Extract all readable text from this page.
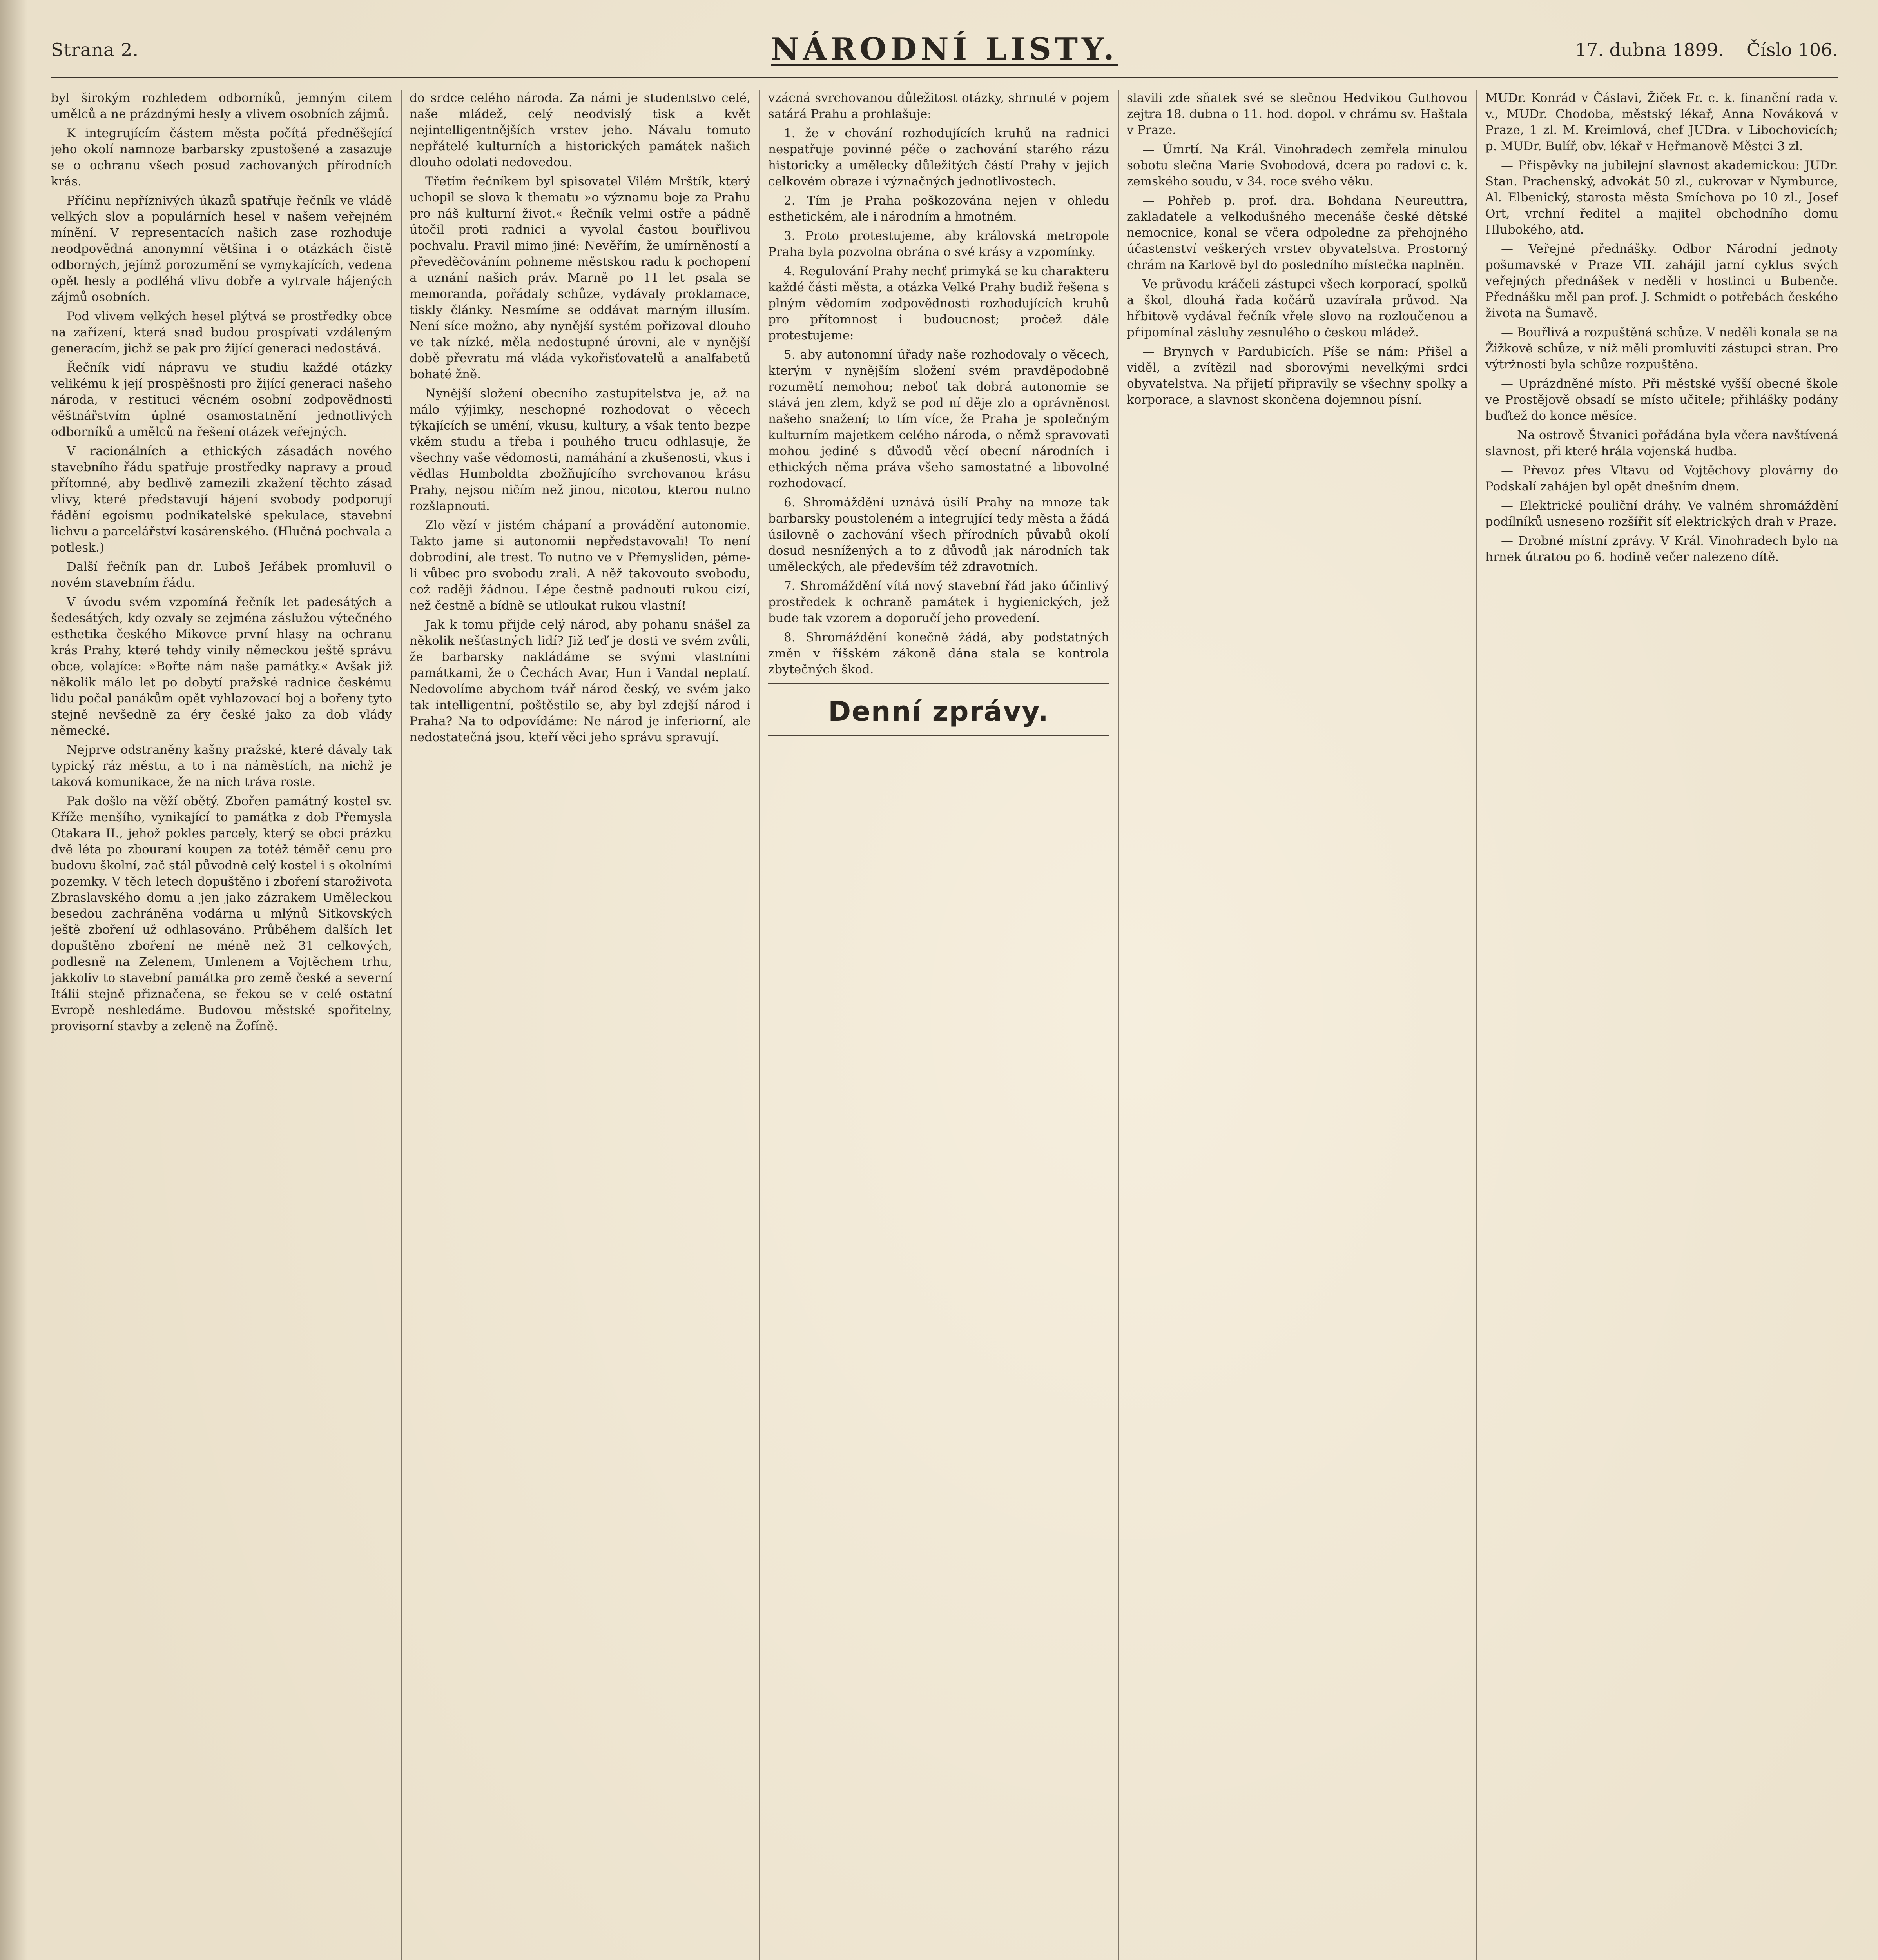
Strana 2.	NÁRODNÍ LISTY.	17. dubna 1899. Číslo 106.

byl širokým rozhledem odborníků, jemným citem umělců a ne prázdnými hesly a vlivem osobních zájmů.

K integrujícím částem města počítá předněšející jeho okolí namnoze barbarsky zpustošené a zasazuje se o ochranu všech posud zachovaných přírodních krás.

Příčinu nepříznivých úkazů spatřuje řečník ve vládě velkých slov a populárních hesel v našem veřejném mínění. V representacích našich zase rozhoduje neodpovědná anonymní většina i o otázkách čistě odborných, jejímž porozumění se vymykajících, vedena opět hesly a podléhá vlivu dobře a vytrvale hájených zájmů osobních.

Pod vlivem velkých hesel plýtvá se prostředky obce na zařízení, která snad budou prospívati vzdáleným generacím, jichž se pak pro žijící generaci nedostává.

Řečník vidí nápravu ve studiu každé otázky velikému k její prospěšnosti pro žijící generaci našeho národa, v restituci věcném osobní zodpovědnosti věštnářstvím úplné osamostatnění jednotlivých odborníků a umělců na řešení otázek veřejných.

V racionálních a ethických zásadách nového stavebního řádu spatřuje prostředky napravy a proud přítomné, aby bedlivě zamezili zkažení těchto zásad vlivy, které představují hájení svobody podporují řádění egoismu podnikatelské spekulace, stavební lichvu a parcelářství kasárenského. (Hlučná pochvala a potlesk.)

Další řečník pan dr. Luboš Jeřábek promluvil o novém stavebním řádu.

V úvodu svém vzpomíná řečník let padesátých a šedesátých, kdy ozvaly se zejména záslužou výtečného esthetika českého Mikovce první hlasy na ochranu krás Prahy, které tehdy vinily německou ještě správu obce, volajíce: »Bořte nám naše památky.« Avšak již několik málo let po dobytí pražské radnice českému lidu počal panákům opět vyhlazovací boj a bořeny tyto stejně nevšedně za éry české jako za dob vlády německé.

Nejprve odstraněny kašny pražské, které dávaly tak typický ráz městu, a to i na náměstích, na nichž je taková komunikace, že na nich tráva roste.

Pak došlo na věží obětý. Zbořen památný kostel sv. Kříže menšího, vynikající to památka z dob Přemysla Otakara II., jehož pokles parcely, který se obci prázku dvě léta po zbouraní koupen za totéž téměř cenu pro budovu školní, zač stál původně celý kostel i s okolními pozemky. V těch letech dopuštěno i zboření staroživota Zbraslavského domu a jen jako zázrakem Uměleckou besedou zachráněna vodárna u mlýnů Sitkovských ještě zboření už odhlasováno. Průběhem dalších let dopuštěno zboření ne méně než 31 celkových, podlesně na Zelenem, Umlenem a Vojtěchem trhu, jakkoliv to stavební památka pro země české a severní Itálii stejně přiznačena, se řekou se v celé ostatní Evropě neshledáme. Budovou městské spořitelny, provisorní stavby a zeleně na Žofíně.

do srdce celého národa. Za námi je studentstvo celé, naše mládež, celý neodvislý tisk a květ nejintelligentnějších vrstev jeho. Návalu tomuto nepřátelé kulturních a historických památek našich dlouho odolati nedovedou.

Třetím řečníkem byl spisovatel Vilém Mrštík, který uchopil se slova k thematu »o významu boje za Prahu pro náš kulturní život.« Řečník velmi ostře a pádně útočil proti radnici a vyvolal častou bouřlivou pochvalu. Pravil mimo jiné: Nevěřím, že umírněností a převeděčováním pohneme městskou radu k pochopení a uznání našich práv. Marně po 11 let psala se memoranda, pořádaly schůze, vydávaly proklamace, tiskly články. Nesmíme se oddávat marným illusím. Není síce možno, aby nynější systém pořizoval dlouho ve tak nízké, měla nedostupné úrovni, ale v nynější době převratu má vláda vykořisťovatelů a analfabetů bohaté žně.

Nynější složení obecního zastupitelstva je, až na málo výjimky, neschopné rozhodovat o věcech týkajících se umění, vkusu, kultury, a však tento bezpe vkěm studu a třeba i pouhého trucu odhlasuje, že všechny vaše vědomosti, namáhání a zkušenosti, vkus i vědlas Humboldta zbožňujícího svrchovanou krásu Prahy, nejsou ničím než jinou, nicotou, kterou nutno rozšlapnouti.

Zlo vězí v jistém chápaní a provádění autonomie. Takto jame si autonomii nepředstavovali! To není dobrodiní, ale trest. To nutno ve v Přemysliden, péme-li vůbec pro svobodu zrali. A něž takovouto svobodu, což raději žádnou. Lépe čestně padnouti rukou cizí, než čestně a bídně se utloukat rukou vlastní!

Jak k tomu přijde celý národ, aby pohanu snášel za několik nešťastných lidí? Již teď je dosti ve svém zvůli, že barbarsky nakládáme se svými vlastními památkami, že o Čechách Avar, Hun i Vandal neplatí. Nedovolíme abychom tvář národ český, ve svém jako tak intelligentní, poštěstilo se, aby byl zdejší národ i Praha? Na to odpovídáme: Ne národ je inferiorní, ale nedostatečná jsou, kteří věci jeho správu spravují.

vzácná svrchovanou důležitost otázky, shrnuté v pojem satárá Prahu a prohlašuje:

1. že v chování rozhodujících kruhů na radnici nespatřuje povinné péče o zachování starého rázu historicky a umělecky důležitých částí Prahy v jejich celkovém obraze i význačných jednotlivostech.

2. Tím je Praha poškozována nejen v ohledu esthetickém, ale i národním a hmotném.

3. Proto protestujeme, aby královská metropole Praha byla pozvolna obrána o své krásy a vzpomínky.

4. Regulování Prahy nechť primyká se ku charakteru každé části města, a otázka Velké Prahy budiž řešena s plným vědomím zodpovědnosti rozhodujících kruhů pro přítomnost i budoucnost; pročež dále protestujeme:

5. aby autonomní úřady naše rozhodovaly o věcech, kterým v nynějším složení svém pravděpodobně rozumětí nemohou; neboť tak dobrá autonomie se stává jen zlem, když se pod ní děje zlo a oprávněnost našeho snažení; to tím více, že Praha je společným kulturním majetkem celého národa, o němž spravovati mohou jediné s důvodů věcí obecní národních i ethických něma práva všeho samostatné a libovolné rozhodovací.

6. Shromáždění uznává úsilí Prahy na mnoze tak barbarsky poustoleném a integrující tedy města a žádá úsilovně o zachování všech přírodních půvabů okolí dosud nesnížených a to z důvodů jak národních tak uměleckých, ale především též zdravotních.

7. Shromáždění vítá nový stavební řád jako účinlivý prostředek k ochraně památek i hygienických, jež bude tak vzorem a doporučí jeho provedení.

8. Shromáždění konečně žádá, aby podstatných změn v říšském zákoně dána stala se kontrola zbytečných škod.

Denní zprávy.

slavili zde sňatek své se slečnou Hedvikou Guthovou zejtra 18. dubna o 11. hod. dopol. v chrámu sv. Haštala v Praze.

— Úmrtí. Na Král. Vinohradech zemřela minulou sobotu slečna Marie Svobodová, dcera po radovi c. k. zemského soudu, v 34. roce svého věku.

— Pohřeb p. prof. dra. Bohdana Neureuttra, zakladatele a velkodušného mecenáše české dětské nemocnice, konal se včera odpoledne za přehojného účastenství veškerých vrstev obyvatelstva. Prostorný chrám na Karlově byl do posledního místečka naplněn.

Ve průvodu kráčeli zástupci všech korporací, spolků a škol, dlouhá řada kočárů uzavírala průvod. Na hřbitově vydával řečník vřele slovo na rozloučenou a připomínal zásluhy zesnulého o českou mládež.

— Brynych v Pardubicích. Píše se nám: Přišel a viděl, a zvítězil nad sborovými nevelkými srdci obyvatelstva. Na přijetí připravily se všechny spolky a korporace, a slavnost skončena dojemnou písní.

MUDr. Konrád v Čáslavi, Žiček Fr. c. k. finanční rada v. v., MUDr. Chodoba, městský lékař, Anna Nováková v Praze, 1 zl. M. Kreimlová, chef JUDra. v Libochovicích; p. MUDr. Bulíř, obv. lékař v Heřmanově Městci 3 zl.

— Příspěvky na jubilejní slavnost akademickou: JUDr. Stan. Prachenský, advokát 50 zl., cukrovar v Nymburce, Al. Elbenický, starosta města Smíchova po 10 zl., Josef Ort, vrchní ředitel a majitel obchodního domu Hlubokého, atd.

— Veřejné přednášky. Odbor Národní jednoty pošumavské v Praze VII. zahájil jarní cyklus svých veřejných přednášek v neděli v hostinci u Bubenče. Přednášku měl pan prof. J. Schmidt o potřebách českého života na Šumavě.

— Bouřlivá a rozpuštěná schůze. V neděli konala se na Žižkově schůze, v níž měli promluviti zástupci stran. Pro výtržnosti byla schůze rozpuštěna.

— Uprázdněné místo. Při městské vyšší obecné škole ve Prostějově obsadí se místo učitele; přihlášky podány buďtež do konce měsíce.

— Na ostrově Štvanici pořádána byla včera navštívená slavnost, při které hrála vojenská hudba.

— Převoz přes Vltavu od Vojtěchovy plovárny do Podskalí zahájen byl opět dnešním dnem.

— Elektrické pouliční dráhy. Ve valném shromáždění podílníků usneseno rozšířit síť elektrických drah v Praze.

— Drobné místní zprávy. V Král. Vinohradech bylo na hrnek útratou po 6. hodině večer nalezeno dítě.
